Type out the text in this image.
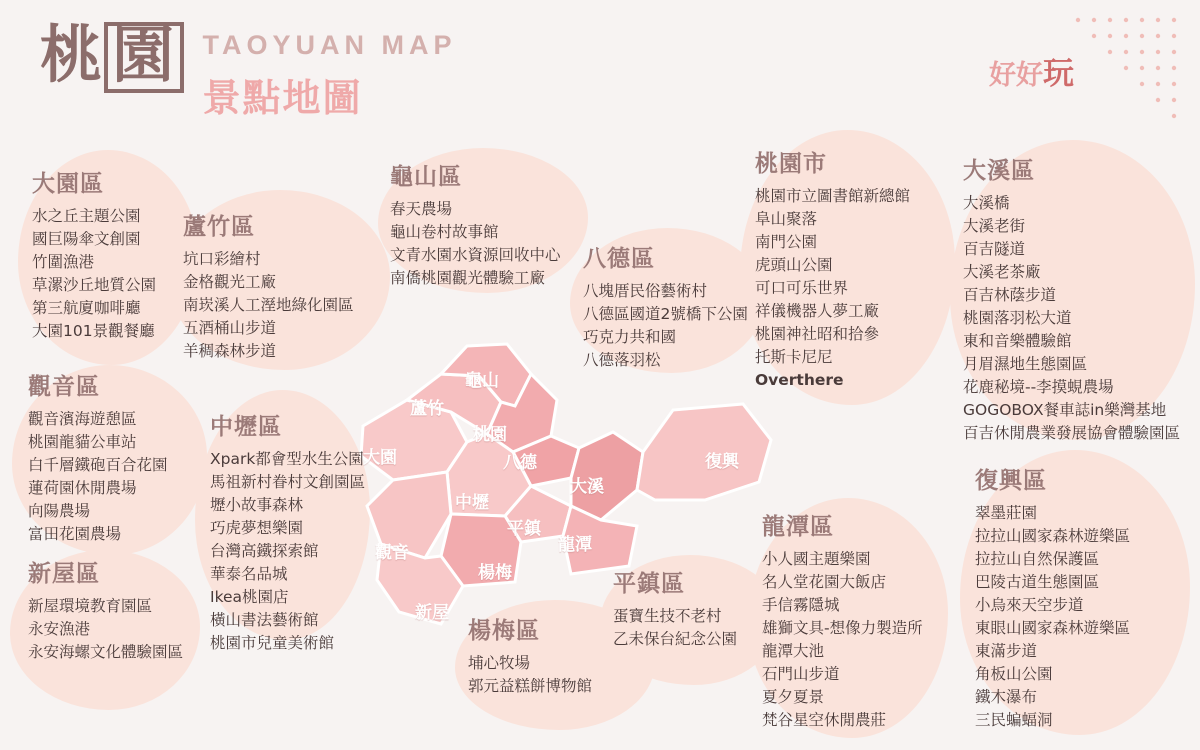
桃 園 TAOYUAN MAP
景點地圖
好好玩
大園區
水之丘主題公園
國巨陽傘文創園
竹圍漁港
草漯沙丘地質公園
第三航廈咖啡廳
大園101景觀餐廳
蘆竹區
坑口彩繪村
金格觀光工廠
南崁溪人工溼地綠化園區
五酒桶山步道
羊稠森林步道
觀音區
觀音濱海遊憩區
桃園龍貓公車站
白千層鐵砲百合花園
蓮荷園休閒農場
向陽農場
富田花園農場
中壢區
Xpark都會型水生公園
馬祖新村眷村文創園區
壢小故事森林
巧虎夢想樂園
台灣高鐵探索館
華泰名品城
Ikea桃園店
橫山書法藝術館
桃園市兒童美術館
新屋區
新屋環境教育園區
永安漁港
永安海螺文化體驗園區
龜山區
春天農場
龜山卷村故事館
文青水園水資源回收中心
南僑桃園觀光體驗工廠
八德區
八塊厝民俗藝術村
八德區國道2號橋下公園
巧克力共和國
八德落羽松
楊梅區
埔心牧場
郭元益糕餅博物館
平鎮區
蛋寶生技不老村
乙未保台紀念公園
桃園市
桃園市立圖書館新總館
阜山聚落
南門公園
虎頭山公園
可口可乐世界
祥儀機器人夢工廠
桃園神社昭和拾參
托斯卡尼尼
Overthere
龍潭區
小人國主題樂園
名人堂花園大飯店
手信霧隱城
雄獅文具-想像力製造所
龍潭大池
石門山步道
夏夕夏景
梵谷星空休閒農莊
大溪區
大溪橋
大溪老街
百吉隧道
大溪老茶廠
百吉林蔭步道
桃園落羽松大道
東和音樂體驗館
月眉濕地生態園區
花鹿秘境--李摸蜆農場
GOGOBOX餐車誌in樂灣基地
百吉休閒農業發展協會體驗園區
復興區
翠墨莊園
拉拉山國家森林遊樂區
拉拉山自然保護區
巴陵古道生態園區
小烏來天空步道
東眼山國家森林遊樂區
東滿步道
角板山公園
鐵木瀑布
三民蝙蝠洞
龜山
蘆竹
桃園
八德
大園
大溪
復興
中壢
平鎮
龍潭
觀音
楊梅
新屋
